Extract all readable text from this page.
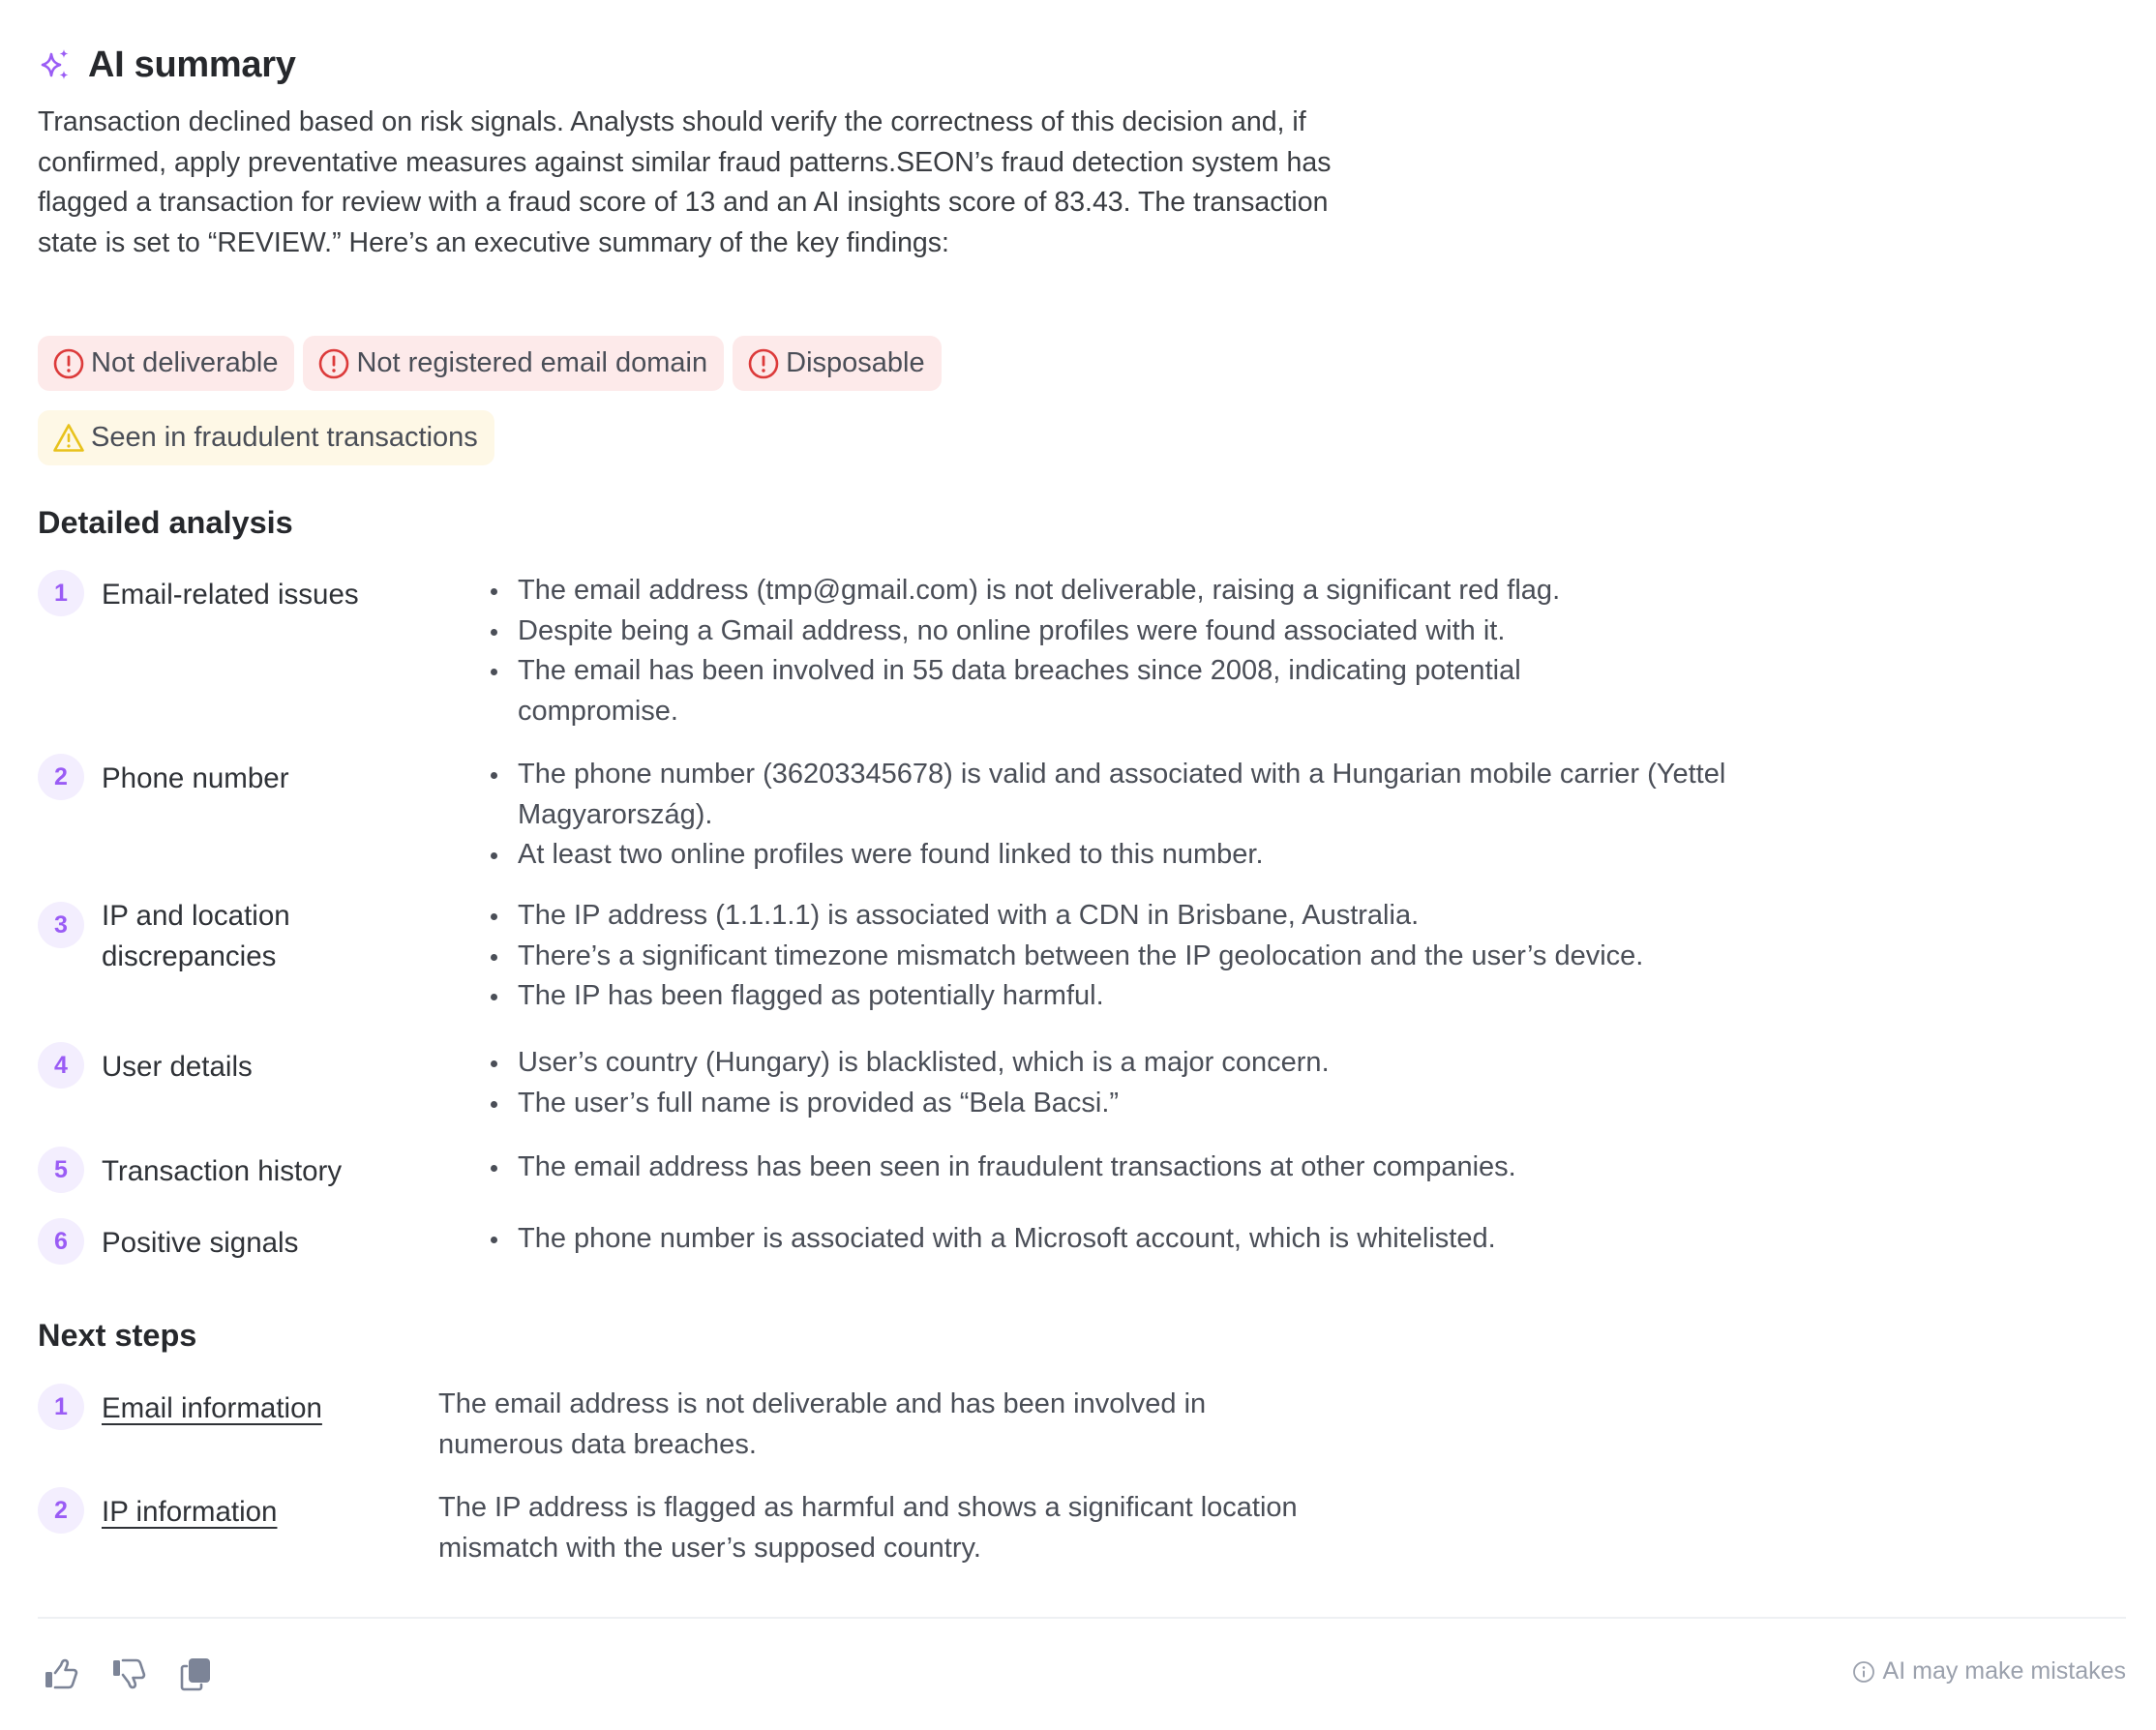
AI summary

Transaction declined based on risk signals. Analysts should verify the correctness of this decision and, if confirmed, apply preventative measures against similar fraud patterns.SEON’s fraud detection system has flagged a transaction for review with a fraud score of 13 and an AI insights score of 83.43. The transaction state is set to “REVIEW.” Here’s an executive summary of the key findings:

Not deliverable	Not registered email domain	Disposable
Seen in fraudulent transactions
Detailed analysis
1	Email-related issues	The email address (tmp@gmail.com) is not deliverable, raising a significant red flag.
Despite being a Gmail address, no online profiles were found associated with it.
The email has been involved in 55 data breaches since 2008, indicating potential compromise.
2	Phone number	The phone number (36203345678) is valid and associated with a Hungarian mobile carrier (Yettel Magyarország).
At least two online profiles were found linked to this number.
3	IP and location discrepancies
The IP address (1.1.1.1) is associated with a CDN in Brisbane, Australia.
There’s a significant timezone mismatch between the IP geolocation and the user’s device.
The IP has been flagged as potentially harmful.
4	User details	User’s country (Hungary) is blacklisted, which is a major concern.
The user’s full name is provided as “Bela Bacsi.”
5	Transaction history	The email address has been seen in fraudulent transactions at other companies.
6	Positive signals	The phone number is associated with a Microsoft account, which is whitelisted.
Next steps
1	Email information	The email address is not deliverable and has been involved in numerous data breaches.
2	IP information	The IP address is flagged as harmful and shows a significant location mismatch with the user’s supposed country.
AI may make mistakes
